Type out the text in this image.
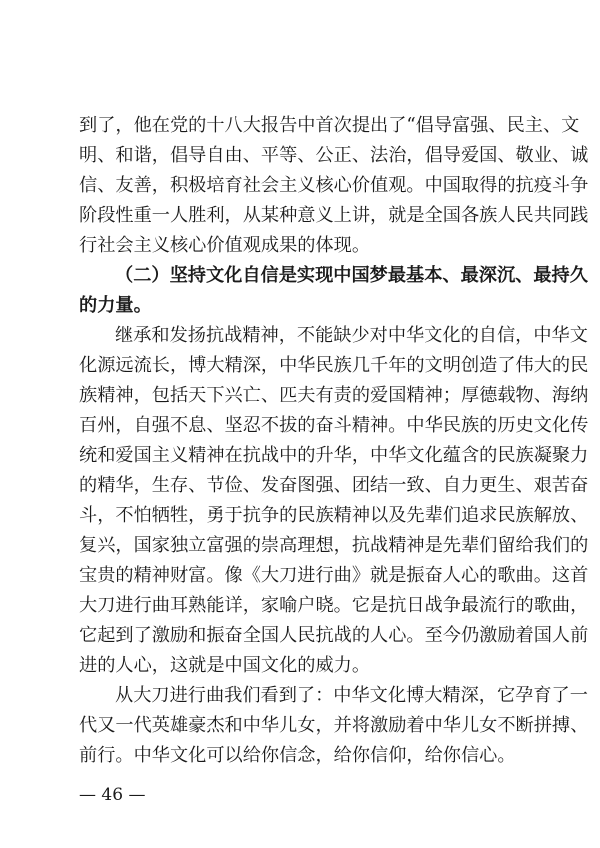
到了，他在党的十八大报告中首次提出了“倡导富强、民主、文
明、和谐，倡导自由、平等、公正、法治，倡导爱国、敬业、诚
信、友善，积极培育社会主义核心价值观。中国取得的抗疫斗争
阶段性重一人胜利，从某种意义上讲，就是全国各族人民共同践
行社会主义核心价值观成果的体现。
（二）坚持文化自信是实现中国梦最基本、最深沉、最持久
的力量。
继承和发扬抗战精神，不能缺少对中华文化的自信，中华文
化源远流长，博大精深，中华民族几千年的文明创造了伟大的民
族精神，包括天下兴亡、匹夫有责的爱国精神；厚德载物、海纳
百州，自强不息、坚忍不拔的奋斗精神。中华民族的历史文化传
统和爱国主义精神在抗战中的升华，中华文化蕴含的民族凝聚力
的精华，生存、节俭、发奋图强、团结一致、自力更生、艰苦奋
斗，不怕牺牲，勇于抗争的民族精神以及先辈们追求民族解放、
复兴，国家独立富强的崇高理想，抗战精神是先辈们留给我们的
宝贵的精神财富。像《大刀进行曲》就是振奋人心的歌曲。这首
大刀进行曲耳熟能详，家喻户晓。它是抗日战争最流行的歌曲，
它起到了激励和振奋全国人民抗战的人心。至今仍激励着国人前
进的人心，这就是中国文化的威力。
从大刀进行曲我们看到了：中华文化博大精深，它孕育了一
代又一代英雄豪杰和中华儿女，并将激励着中华儿女不断拼搏、
前行。中华文化可以给你信念，给你信仰，给你信心。
— 46 —
